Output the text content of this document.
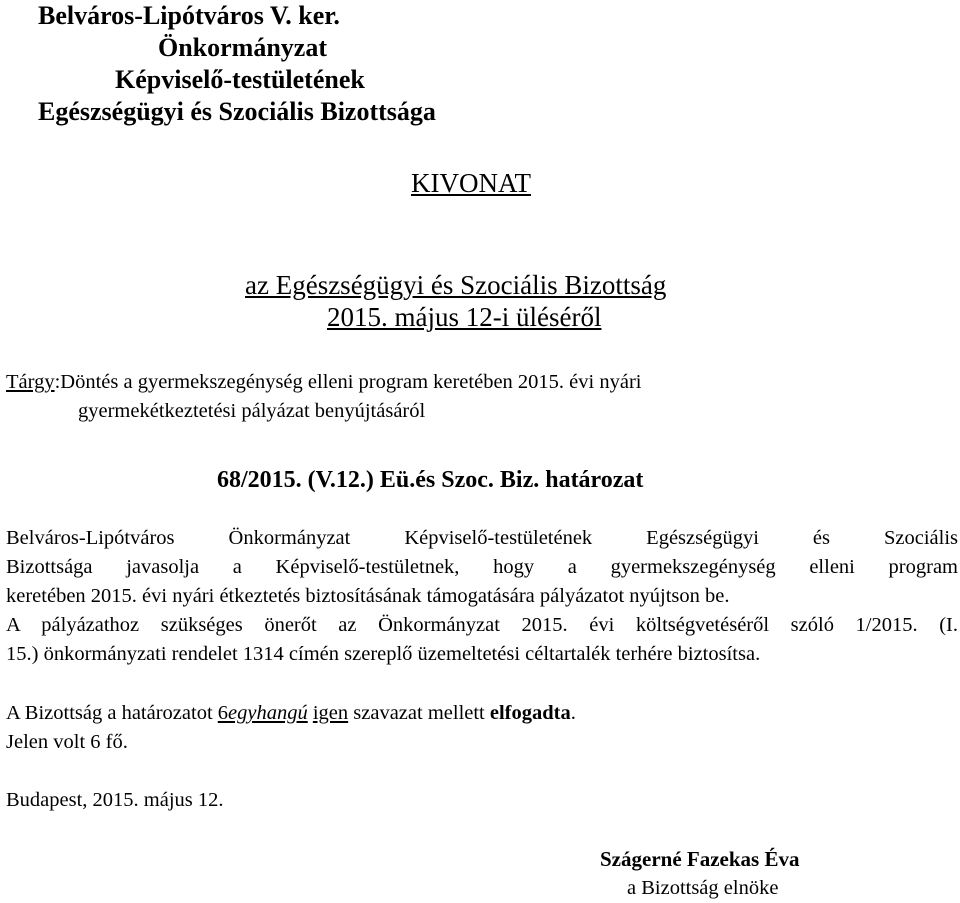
Belváros-Lipótváros V. ker.
Önkormányzat
Képviselő-testületének
Egészségügyi és Szociális Bizottsága
KIVONAT
az Egészségügyi és Szociális Bizottság
2015. május 12-i üléséről
Tárgy:Döntés a gyermekszegénység elleni program keretében 2015. évi nyári
gyermekétkeztetési pályázat benyújtásáról
68/2015. (V.12.) Eü.és Szoc. Biz. határozat
Belváros-Lipótváros Önkormányzat Képviselő-testületének Egészségügyi és Szociális
Bizottsága javasolja a Képviselő-testületnek, hogy a gyermekszegénység elleni program
keretében 2015. évi nyári étkeztetés biztosításának támogatására pályázatot nyújtson be.
A pályázathoz szükséges önerőt az Önkormányzat 2015. évi költségvetéséről szóló 1/2015. (I.
15.) önkormányzati rendelet 1314 címén szereplő üzemeltetési céltartalék terhére biztosítsa.
A Bizottság a határozatot 6egyhangú igen szavazat mellett elfogadta.
Jelen volt 6 fő.
Budapest, 2015. május 12.
Szágerné Fazekas Éva
a Bizottság elnöke
